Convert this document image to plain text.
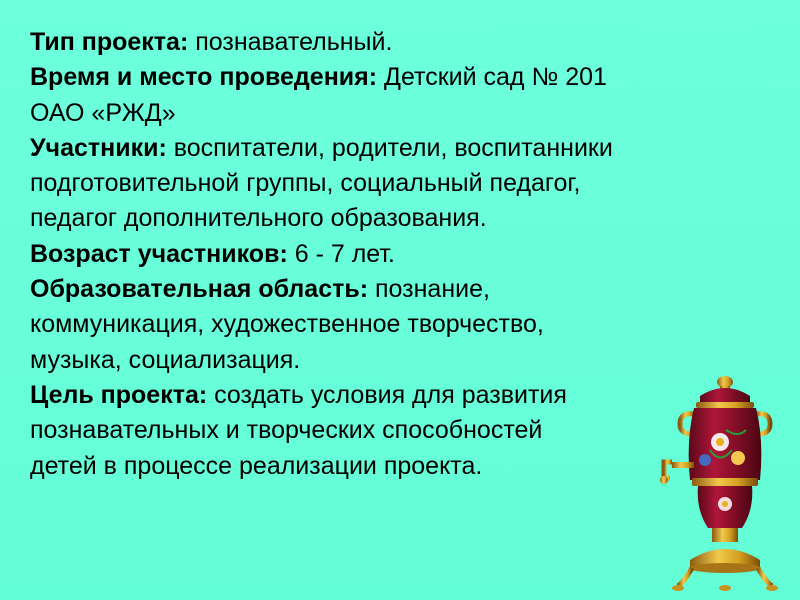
Тип проекта: познавательный.
Время и место проведения: Детский сад № 201
ОАО «РЖД»
Участники: воспитатели, родители, воспитанники
подготовительной группы, социальный педагог,
педагог дополнительного образования.
Возраст участников: 6 - 7 лет.
Образовательная область: познание,
коммуникация, художественное творчество,
музыка, социализация.
Цель проекта: создать условия для развития
познавательных и творческих способностей
детей в процессе реализации проекта.
